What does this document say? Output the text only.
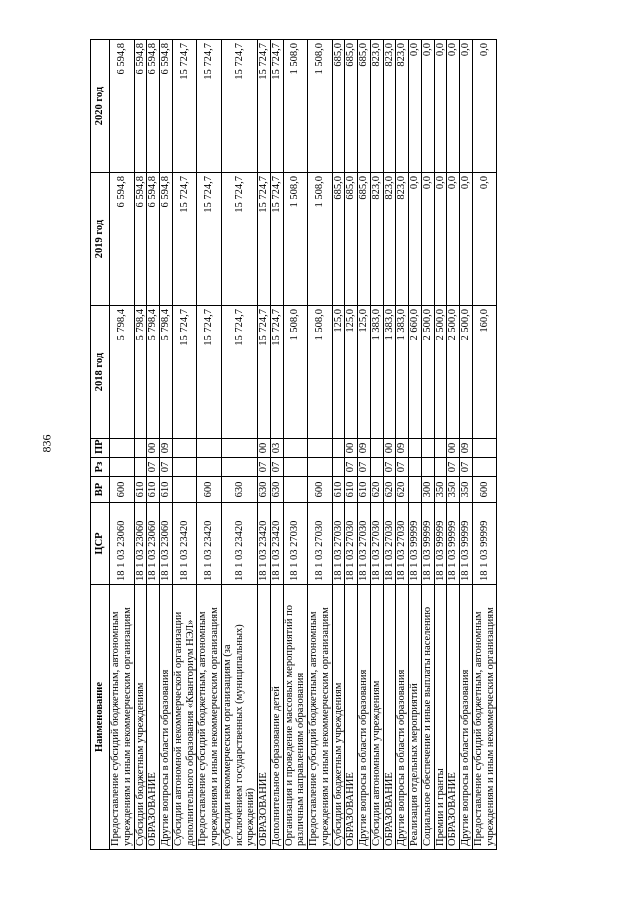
836
Наименование	ЦСР	ВР	Рз	ПР	2018 год	2019 год	2020 год
Предоставление субсидий бюджетным, автономным учреждениям и иным некоммерческим организациям	18 1 03 23060	600			5 798,4	6 594,8	6 594,8
Субсидии бюджетным учреждениям	18 1 03 23060	610			5 798,4	6 594,8	6 594,8
ОБРАЗОВАНИЕ	18 1 03 23060	610	07	00	5 798,4	6 594,8	6 594,8
Другие вопросы в области образования	18 1 03 23060	610	07	09	5 798,4	6 594,8	6 594,8
Субсидии автономной некоммерческой организации дополнительного образования «Кванториум НЭЛ»	18 1 03 23420				15 724,7	15 724,7	15 724,7
Предоставление субсидий бюджетным, автономным учреждениям и иным некоммерческим организациям	18 1 03 23420	600			15 724,7	15 724,7	15 724,7
Субсидии некоммерческим организациям (за исключением государственных (муниципальных) учреждений)	18 1 03 23420	630			15 724,7	15 724,7	15 724,7
ОБРАЗОВАНИЕ	18 1 03 23420	630	07	00	15 724,7	15 724,7	15 724,7
Дополнительное образование детей	18 1 03 23420	630	07	03	15 724,7	15 724,7	15 724,7
Организация и проведение массовых мероприятий по различным направлениям образования	18 1 03 27030				1 508,0	1 508,0	1 508,0
Предоставление субсидий бюджетным, автономным учреждениям и иным некоммерческим организациям	18 1 03 27030	600			1 508,0	1 508,0	1 508,0
Субсидии бюджетным учреждениям	18 1 03 27030	610			125,0	685,0	685,0
ОБРАЗОВАНИЕ	18 1 03 27030	610	07	00	125,0	685,0	685,0
Другие вопросы в области образования	18 1 03 27030	610	07	09	125,0	685,0	685,0
Субсидии автономным учреждениям	18 1 03 27030	620			1 383,0	823,0	823,0
ОБРАЗОВАНИЕ	18 1 03 27030	620	07	00	1 383,0	823,0	823,0
Другие вопросы в области образования	18 1 03 27030	620	07	09	1 383,0	823,0	823,0
Реализация отдельных мероприятий	18 1 03 99999				2 660,0	0,0	0,0
Социальное обеспечение и иные выплаты населению	18 1 03 99999	300			2 500,0	0,0	0,0
Премии и гранты	18 1 03 99999	350			2 500,0	0,0	0,0
ОБРАЗОВАНИЕ	18 1 03 99999	350	07	00	2 500,0	0,0	0,0
Другие вопросы в области образования	18 1 03 99999	350	07	09	2 500,0	0,0	0,0
Предоставление субсидий бюджетным, автономным учреждениям и иным некоммерческим организациям	18 1 03 99999	600			160,0	0,0	0,0
